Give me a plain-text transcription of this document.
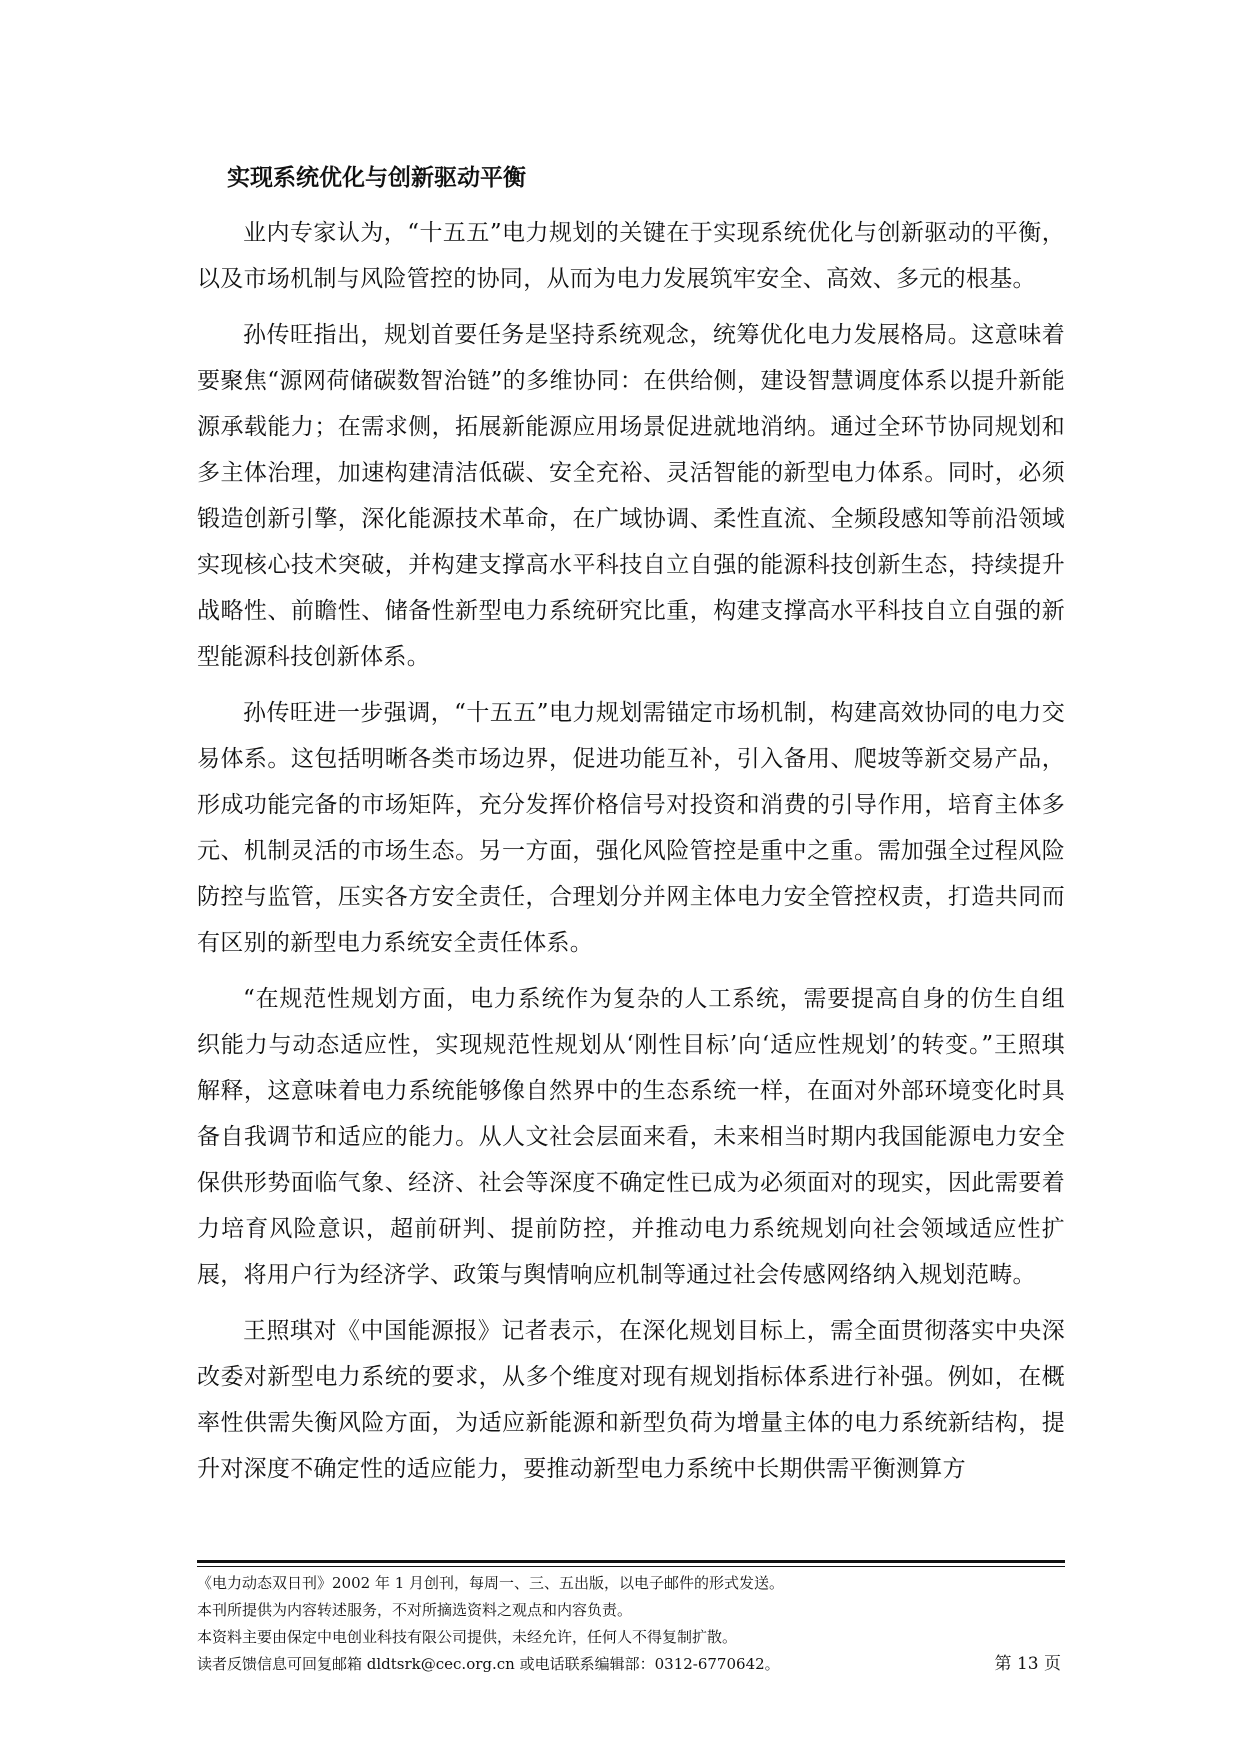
实现系统优化与创新驱动平衡

业内专家认为，“十五五”电力规划的关键在于实现系统优化与创新驱动的平衡，以及市场机制与风险管控的协同，从而为电力发展筑牢安全、高效、多元的根基。

孙传旺指出，规划首要任务是坚持系统观念，统筹优化电力发展格局。这意味着要聚焦“源网荷储碳数智治链”的多维协同：在供给侧，建设智慧调度体系以提升新能源承载能力；在需求侧，拓展新能源应用场景促进就地消纳。通过全环节协同规划和多主体治理，加速构建清洁低碳、安全充裕、灵活智能的新型电力体系。同时，必须锻造创新引擎，深化能源技术革命，在广域协调、柔性直流、全频段感知等前沿领域实现核心技术突破，并构建支撑高水平科技自立自强的能源科技创新生态，持续提升战略性、前瞻性、储备性新型电力系统研究比重，构建支撑高水平科技自立自强的新型能源科技创新体系。

孙传旺进一步强调，“十五五”电力规划需锚定市场机制，构建高效协同的电力交易体系。这包括明晰各类市场边界，促进功能互补，引入备用、爬坡等新交易产品，形成功能完备的市场矩阵，充分发挥价格信号对投资和消费的引导作用，培育主体多元、机制灵活的市场生态。另一方面，强化风险管控是重中之重。需加强全过程风险防控与监管，压实各方安全责任，合理划分并网主体电力安全管控权责，打造共同而有区别的新型电力系统安全责任体系。

“在规范性规划方面，电力系统作为复杂的人工系统，需要提高自身的仿生自组织能力与动态适应性，实现规范性规划从‘刚性目标’向‘适应性规划’的转变。”王照琪解释，这意味着电力系统能够像自然界中的生态系统一样，在面对外部环境变化时具备自我调节和适应的能力。从人文社会层面来看，未来相当时期内我国能源电力安全保供形势面临气象、经济、社会等深度不确定性已成为必须面对的现实，因此需要着力培育风险意识，超前研判、提前防控，并推动电力系统规划向社会领域适应性扩展，将用户行为经济学、政策与舆情响应机制等通过社会传感网络纳入规划范畴。

王照琪对《中国能源报》记者表示，在深化规划目标上，需全面贯彻落实中央深改委对新型电力系统的要求，从多个维度对现有规划指标体系进行补强。例如，在概率性供需失衡风险方面，为适应新能源和新型负荷为增量主体的电力系统新结构，提升对深度不确定性的适应能力，要推动新型电力系统中长期供需平衡测算方

《电力动态双日刊》2002 年 1 月创刊，每周一、三、五出版，以电子邮件的形式发送。
本刊所提供为内容转述服务，不对所摘选资料之观点和内容负责。
本资料主要由保定中电创业科技有限公司提供，未经允许，任何人不得复制扩散。
读者反馈信息可回复邮箱 dldtsrk@cec.org.cn 或电话联系编辑部：0312-6770642。	第 13 页
